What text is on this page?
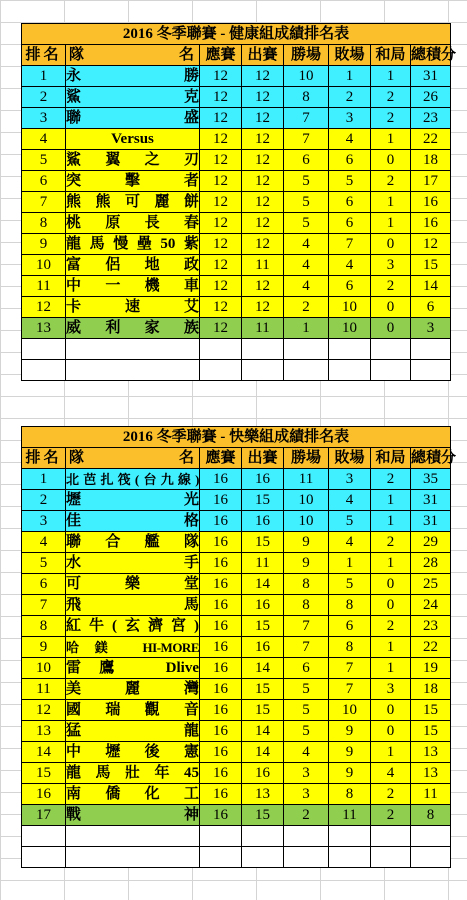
2016 冬季聯賽 - 健康組成績排名表							
排名	隊　　　名	應賽	出賽	勝場	敗場	和局	總積分
1	永　　　勝	12	12	10	1	1	31
2	鯊　　　克	12	12	8	2	2	26
3	聯　　　盛	12	12	7	3	2	23
4	Versus	12	12	7	4	1	22
5	鯊翼之刃	12	12	6	6	0	18
6	突　擊　者	12	12	5	5	2	17
7	熊熊可麗餅	12	12	5	6	1	16
8	桃原長春	12	12	5	6	1	16
9	龍馬慢壘50紫	12	12	4	7	0	12
10	富侶地政	12	11	4	4	3	15
11	中　一　機　車	12	12	4	6	2	14
12	卡　速　艾	12	12	2	10	0	6
13	威利家族	12	11	1	10	0	3

2016 冬季聯賽 - 快樂組成績排名表							
排名	隊　　　名	應賽	出賽	勝場	敗場	和局	總積分
1	北芭扎筏(台九線)	16	16	11	3	2	35
2	壢　　　光	16	15	10	4	1	31
3	佳　　　格	16	16	10	5	1	31
4	聯合艦隊	16	15	9	4	2	29
5	水　　　手	16	11	9	1	1	28
6	可　樂　堂	16	14	8	5	0	25
7	飛　　　馬	16	16	8	8	0	24
8	紅牛(玄濟宮)	16	15	7	6	2	23
9	哈鎂 HI-MORE	16	16	7	8	1	22
10	雷鷹　Dlive	16	14	6	7	1	19
11	美　麗　灣	16	15	5	7	3	18
12	國瑞觀音	16	15	5	10	0	15
13	猛　　　龍	16	14	5	9	0	15
14	中壢後憲	16	14	4	9	1	13
15	龍馬壯年45	16	16	3	9	4	13
16	南僑化工	16	13	3	8	2	11
17	戰　　　神	16	15	2	11	2	8
